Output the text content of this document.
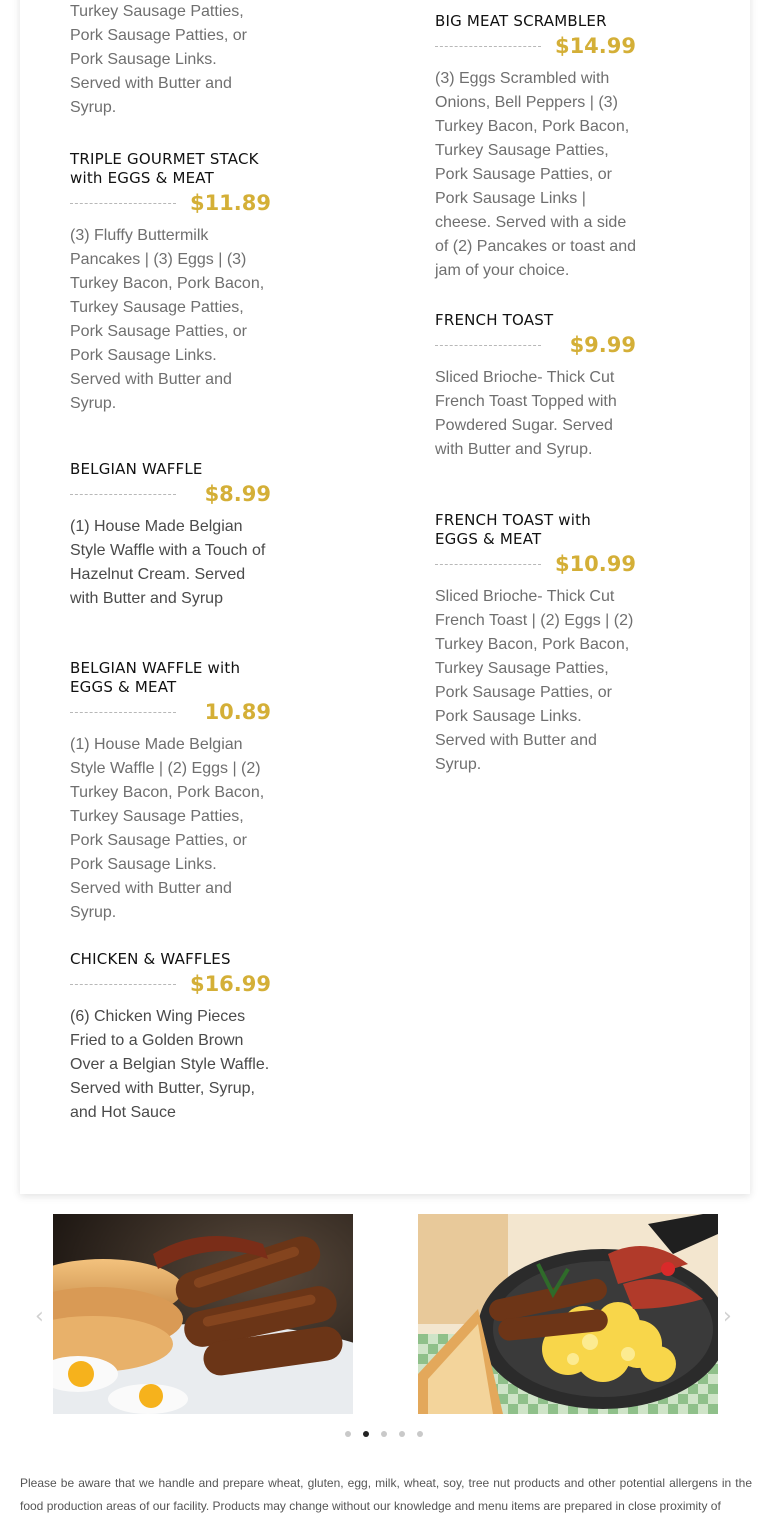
Turkey Sausage Patties, Pork Sausage Patties, or Pork Sausage Links. Served with Butter and Syrup.
TRIPLE GOURMET STACK with EGGS & MEAT
$11.89
(3) Fluffy Buttermilk Pancakes | (3) Eggs | (3) Turkey Bacon, Pork Bacon, Turkey Sausage Patties, Pork Sausage Patties, or Pork Sausage Links. Served with Butter and Syrup.
BELGIAN WAFFLE
$8.99
(1) House Made Belgian Style Waffle with a Touch of Hazelnut Cream. Served with Butter and Syrup
BELGIAN WAFFLE with EGGS & MEAT
10.89
(1) House Made Belgian Style Waffle | (2) Eggs | (2) Turkey Bacon, Pork Bacon, Turkey Sausage Patties, Pork Sausage Patties, or Pork Sausage Links. Served with Butter and Syrup.
CHICKEN & WAFFLES
$16.99
(6) Chicken Wing Pieces Fried to a Golden Brown Over a Belgian Style Waffle. Served with Butter, Syrup, and Hot Sauce
BIG MEAT SCRAMBLER
$14.99
(3) Eggs Scrambled with Onions, Bell Peppers | (3) Turkey Bacon, Pork Bacon, Turkey Sausage Patties, Pork Sausage Patties, or Pork Sausage Links | cheese. Served with a side of (2) Pancakes or toast and jam of your choice.
FRENCH TOAST
$9.99
Sliced Brioche- Thick Cut French Toast Topped with Powdered Sugar. Served with Butter and Syrup.
FRENCH TOAST with EGGS & MEAT
$10.99
Sliced Brioche- Thick Cut French Toast | (2) Eggs | (2) Turkey Bacon, Pork Bacon, Turkey Sausage Patties, Pork Sausage Patties, or Pork Sausage Links. Served with Butter and Syrup.
‹	›
Please be aware that we handle and prepare wheat, gluten, egg, milk, wheat, soy, tree nut products and other potential allergens in the food production areas of our facility. Products may change without our knowledge and menu items are prepared in close proximity of
